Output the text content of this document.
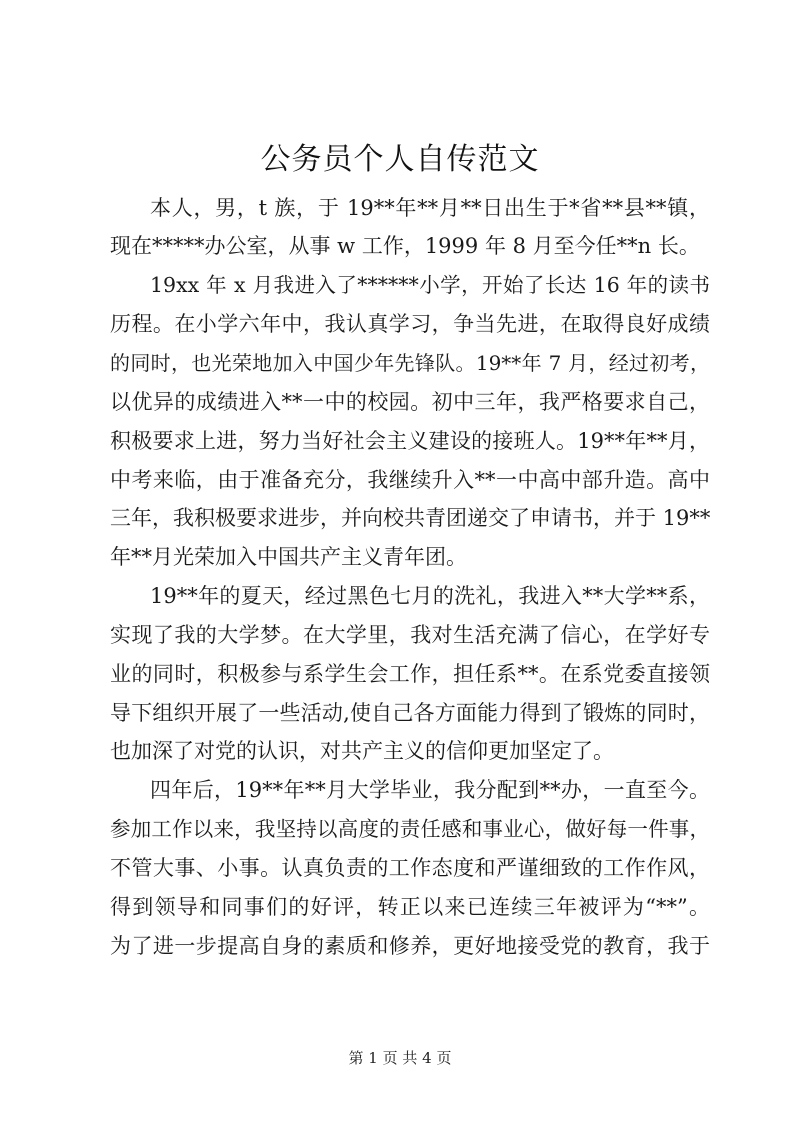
公务员个人自传范文
本人，男，t 族，于 19**年**月**日出生于*省**县**镇，
现在*****办公室，从事 w 工作，1999 年 8 月至今任**n 长。
19xx 年 x 月我进入了******小学，开始了长达 16 年的读书
历程。在小学六年中，我认真学习，争当先进，在取得良好成绩
的同时，也光荣地加入中国少年先锋队。19**年 7 月，经过初考，
以优异的成绩进入**一中的校园。初中三年，我严格要求自己，
积极要求上进，努力当好社会主义建设的接班人。19**年**月，
中考来临，由于准备充分，我继续升入**一中高中部升造。高中
三年，我积极要求进步，并向校共青团递交了申请书，并于 19**
年**月光荣加入中国共产主义青年团。
19**年的夏天，经过黑色七月的洗礼，我进入**大学**系，
实现了我的大学梦。在大学里，我对生活充满了信心，在学好专
业的同时，积极参与系学生会工作，担任系**。在系党委直接领
导下组织开展了一些活动,使自己各方面能力得到了锻炼的同时，
也加深了对党的认识，对共产主义的信仰更加坚定了。
四年后，19**年**月大学毕业，我分配到**办，一直至今。
参加工作以来，我坚持以高度的责任感和事业心，做好每一件事，
不管大事、小事。认真负责的工作态度和严谨细致的工作作风，
得到领导和同事们的好评，转正以来已连续三年被评为“**”。
为了进一步提高自身的素质和修养，更好地接受党的教育，我于
第 1 页 共 4 页
